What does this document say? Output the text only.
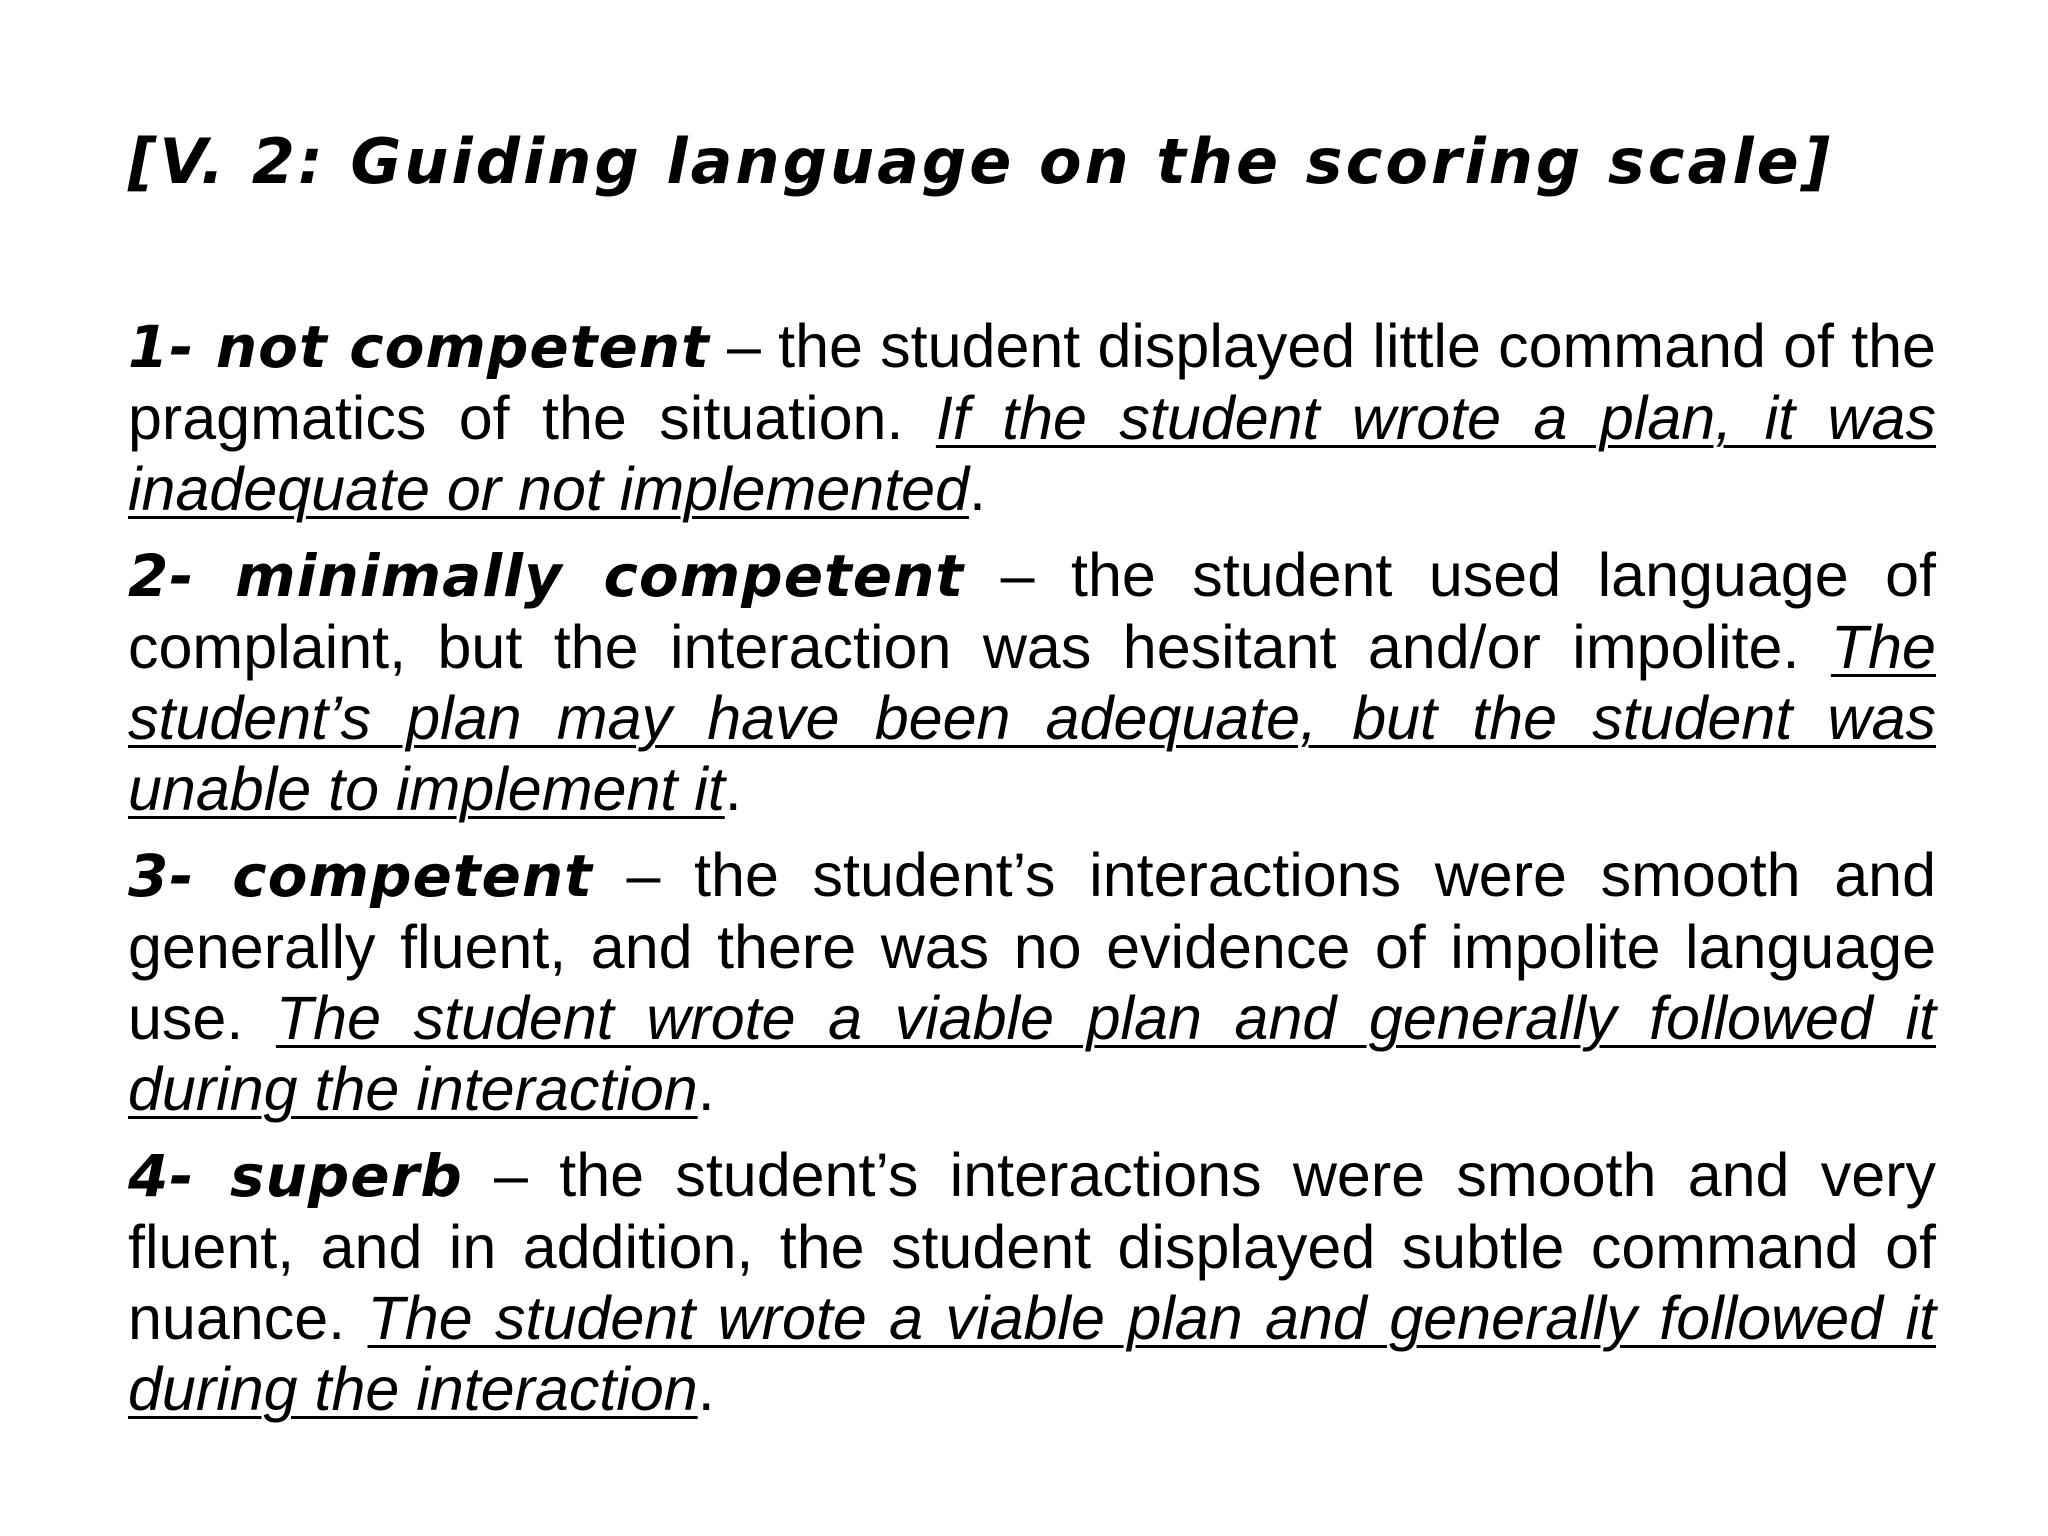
[V. 2: Guiding language on the scoring scale]

1- not competent – the student displayed little command of the pragmatics of the situation. If the student wrote a plan, it was inadequate or not implemented.

2- minimally competent – the student used language of complaint, but the interaction was hesitant and/or impolite. The student’s plan may have been adequate, but the student was unable to implement it.

3- competent – the student’s interactions were smooth and generally fluent, and there was no evidence of impolite language use. The student wrote a viable plan and generally followed it during the interaction.

4- superb – the student’s interactions were smooth and very fluent, and in addition, the student displayed subtle command of nuance. The student wrote a viable plan and generally followed it during the interaction.
